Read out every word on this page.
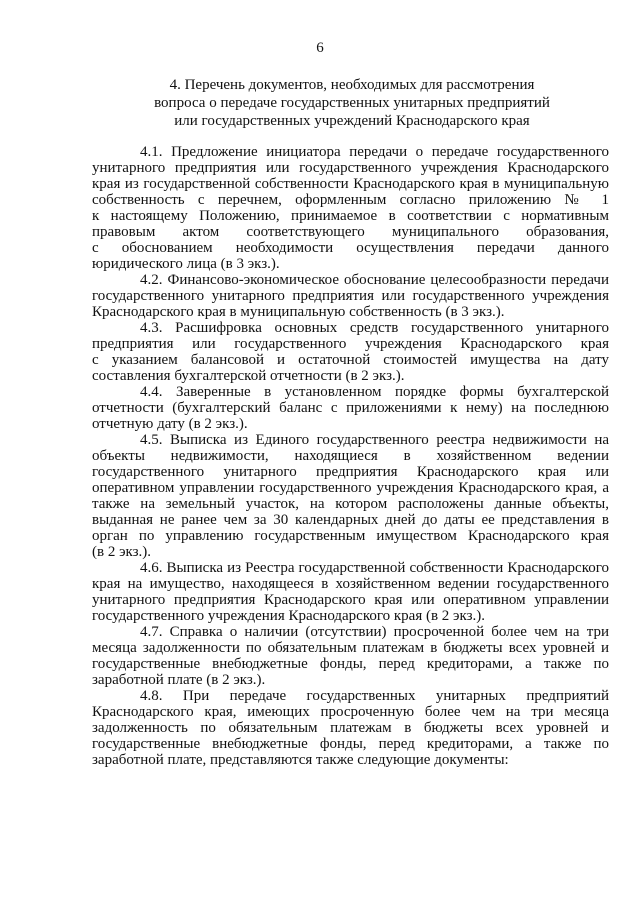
6
4. Перечень документов, необходимых для рассмотрения
вопроса о передаче государственных унитарных предприятий
или государственных учреждений Краснодарского края

4.1. Предложение инициатора передачи о передаче государственного
унитарного предприятия или государственного учреждения Краснодарского
края из государственной собственности Краснодарского края в муниципальную
собственность с перечнем, оформленным согласно приложению № 1
к настоящему Положению, принимаемое в соответствии с нормативным
правовым актом соответствующего муниципального образования,
с обоснованием необходимости осуществления передачи данного
юридического лица (в 3 экз.).

4.2. Финансово-экономическое обоснование целесообразности передачи
государственного унитарного предприятия или государственного учреждения
Краснодарского края в муниципальную собственность (в 3 экз.).

4.3. Расшифровка основных средств государственного унитарного
предприятия или государственного учреждения Краснодарского края
с указанием балансовой и остаточной стоимостей имущества на дату
составления бухгалтерской отчетности (в 2 экз.).

4.4. Заверенные в установленном порядке формы бухгалтерской
отчетности (бухгалтерский баланс с приложениями к нему) на последнюю
отчетную дату (в 2 экз.).

4.5. Выписка из Единого государственного реестра недвижимости на
объекты недвижимости, находящиеся в хозяйственном ведении
государственного унитарного предприятия Краснодарского края или
оперативном управлении государственного учреждения Краснодарского края, а
также на земельный участок, на котором расположены данные объекты,
выданная не ранее чем за 30 календарных дней до даты ее представления в
орган по управлению государственным имуществом Краснодарского края
(в 2 экз.).

4.6. Выписка из Реестра государственной собственности Краснодарского
края на имущество, находящееся в хозяйственном ведении государственного
унитарного предприятия Краснодарского края или оперативном управлении
государственного учреждения Краснодарского края (в 2 экз.).

4.7. Справка о наличии (отсутствии) просроченной более чем на три
месяца задолженности по обязательным платежам в бюджеты всех уровней и
государственные внебюджетные фонды, перед кредиторами, а также по
заработной плате (в 2 экз.).

4.8. При передаче государственных унитарных предприятий
Краснодарского края, имеющих просроченную более чем на три месяца
задолженность по обязательным платежам в бюджеты всех уровней и
государственные внебюджетные фонды, перед кредиторами, а также по
заработной плате, представляются также следующие документы:
